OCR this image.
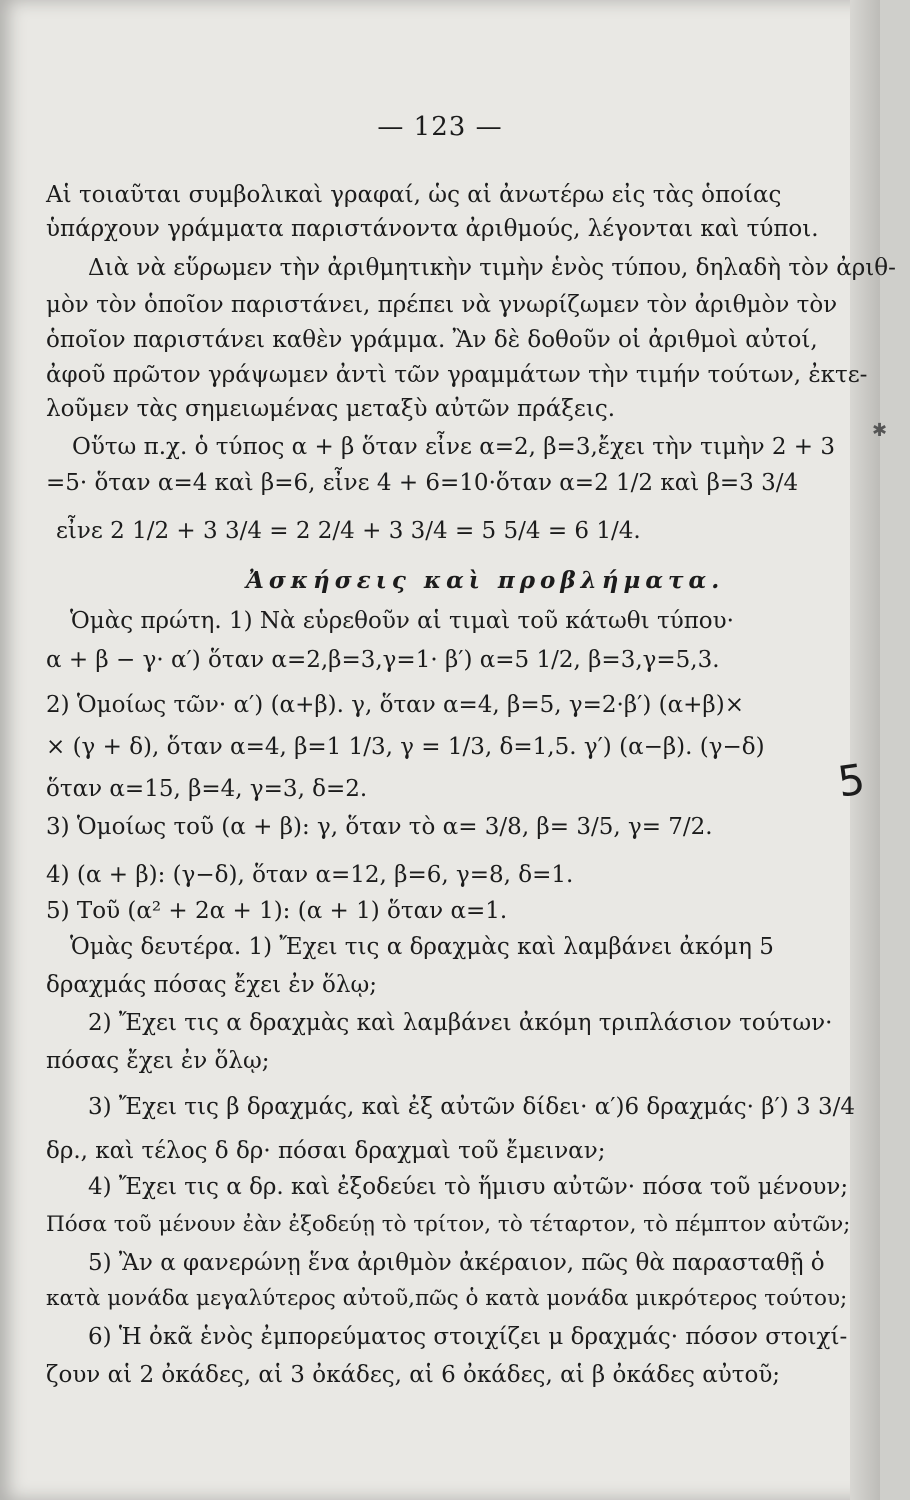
— 123 —
Αἱ τοιαῦται συμβολικαὶ γραφαί, ὡς αἱ ἀνωτέρω εἰς τὰς ὁποίας
ὑπάρχουν γράμματα παριστάνοντα ἀριθμούς, λέγονται καὶ τύποι.
Διὰ νὰ εὕρωμεν τὴν ἀριθμητικὴν τιμὴν ἑνὸς τύπου, δηλαδὴ τὸν ἀριθ-
μὸν τὸν ὁποῖον παριστάνει, πρέπει νὰ γνωρίζωμεν τὸν ἀριθμὸν τὸν
ὁποῖον παριστάνει καθὲν γράμμα. Ἂν δὲ δοθοῦν οἱ ἀριθμοὶ αὐτοί,
ἀφοῦ πρῶτον γράψωμεν ἀντὶ τῶν γραμμάτων τὴν τιμήν τούτων, ἐκτε-
λοῦμεν τὰς σημειωμένας μεταξὺ αὐτῶν πράξεις.
Οὕτω π.χ. ὁ τύπος α + β ὅταν εἶνε α=2, β=3,ἔχει τὴν τιμὴν 2 + 3
=5· ὅταν α=4 καὶ β=6, εἶνε 4 + 6=10·ὅταν α=2 1/2 καὶ β=3 3/4
εἶνε 2 1/2 + 3 3/4 = 2 2/4 + 3 3/4 = 5 5/4 = 6 1/4.
Ἀσκήσεις καὶ προβλήματα.
Ὁμὰς πρώτη. 1) Νὰ εὑρεθοῦν αἱ τιμαὶ τοῦ κάτωθι τύπου·
α + β − γ· α′) ὅταν α=2,β=3,γ=1· β′) α=5 1/2, β=3,γ=5,3.
2) Ὁμοίως τῶν· α′) (α+β). γ, ὅταν α=4, β=5, γ=2·β′) (α+β)×
× (γ + δ), ὅταν α=4, β=1 1/3, γ = 1/3, δ=1,5. γ′) (α−β). (γ−δ)
ὅταν α=15, β=4, γ=3, δ=2.
3) Ὁμοίως τοῦ (α + β): γ, ὅταν τὸ α= 3/8, β= 3/5, γ= 7/2.
4) (α + β): (γ−δ), ὅταν α=12, β=6, γ=8, δ=1.
5) Τοῦ (α² + 2α + 1): (α + 1) ὅταν α=1.
Ὁμὰς δευτέρα. 1) Ἔχει τις α δραχμὰς καὶ λαμβάνει ἀκόμη 5
δραχμάς πόσας ἔχει ἐν ὅλῳ;
2) Ἔχει τις α δραχμὰς καὶ λαμβάνει ἀκόμη τριπλάσιον τούτων·
πόσας ἔχει ἐν ὅλῳ;
3) Ἔχει τις β δραχμάς, καὶ ἐξ αὐτῶν δίδει· α′)6 δραχμάς· β′) 3 3/4
δρ., καὶ τέλος δ δρ· πόσαι δραχμαὶ τοῦ ἔμειναν;
4) Ἔχει τις α δρ. καὶ ἐξοδεύει τὸ ἥμισυ αὐτῶν· πόσα τοῦ μένουν;
Πόσα τοῦ μένουν ἐὰν ἐξοδεύῃ τὸ τρίτον, τὸ τέταρτον, τὸ πέμπτον αὐτῶν;
5) Ἂν α φανερώνῃ ἕνα ἀριθμὸν ἀκέραιον, πῶς θὰ παρασταθῇ ὁ
κατὰ μονάδα μεγαλύτερος αὐτοῦ,πῶς ὁ κατὰ μονάδα μικρότερος τούτου;
6) Ἡ ὀκᾶ ἑνὸς ἐμπορεύματος στοιχίζει μ δραχμάς· πόσον στοιχί-
ζουν αἱ 2 ὀκάδες, αἱ 3 ὀκάδες, αἱ 6 ὀκάδες, αἱ β ὀκάδες αὐτοῦ;
5
✱
